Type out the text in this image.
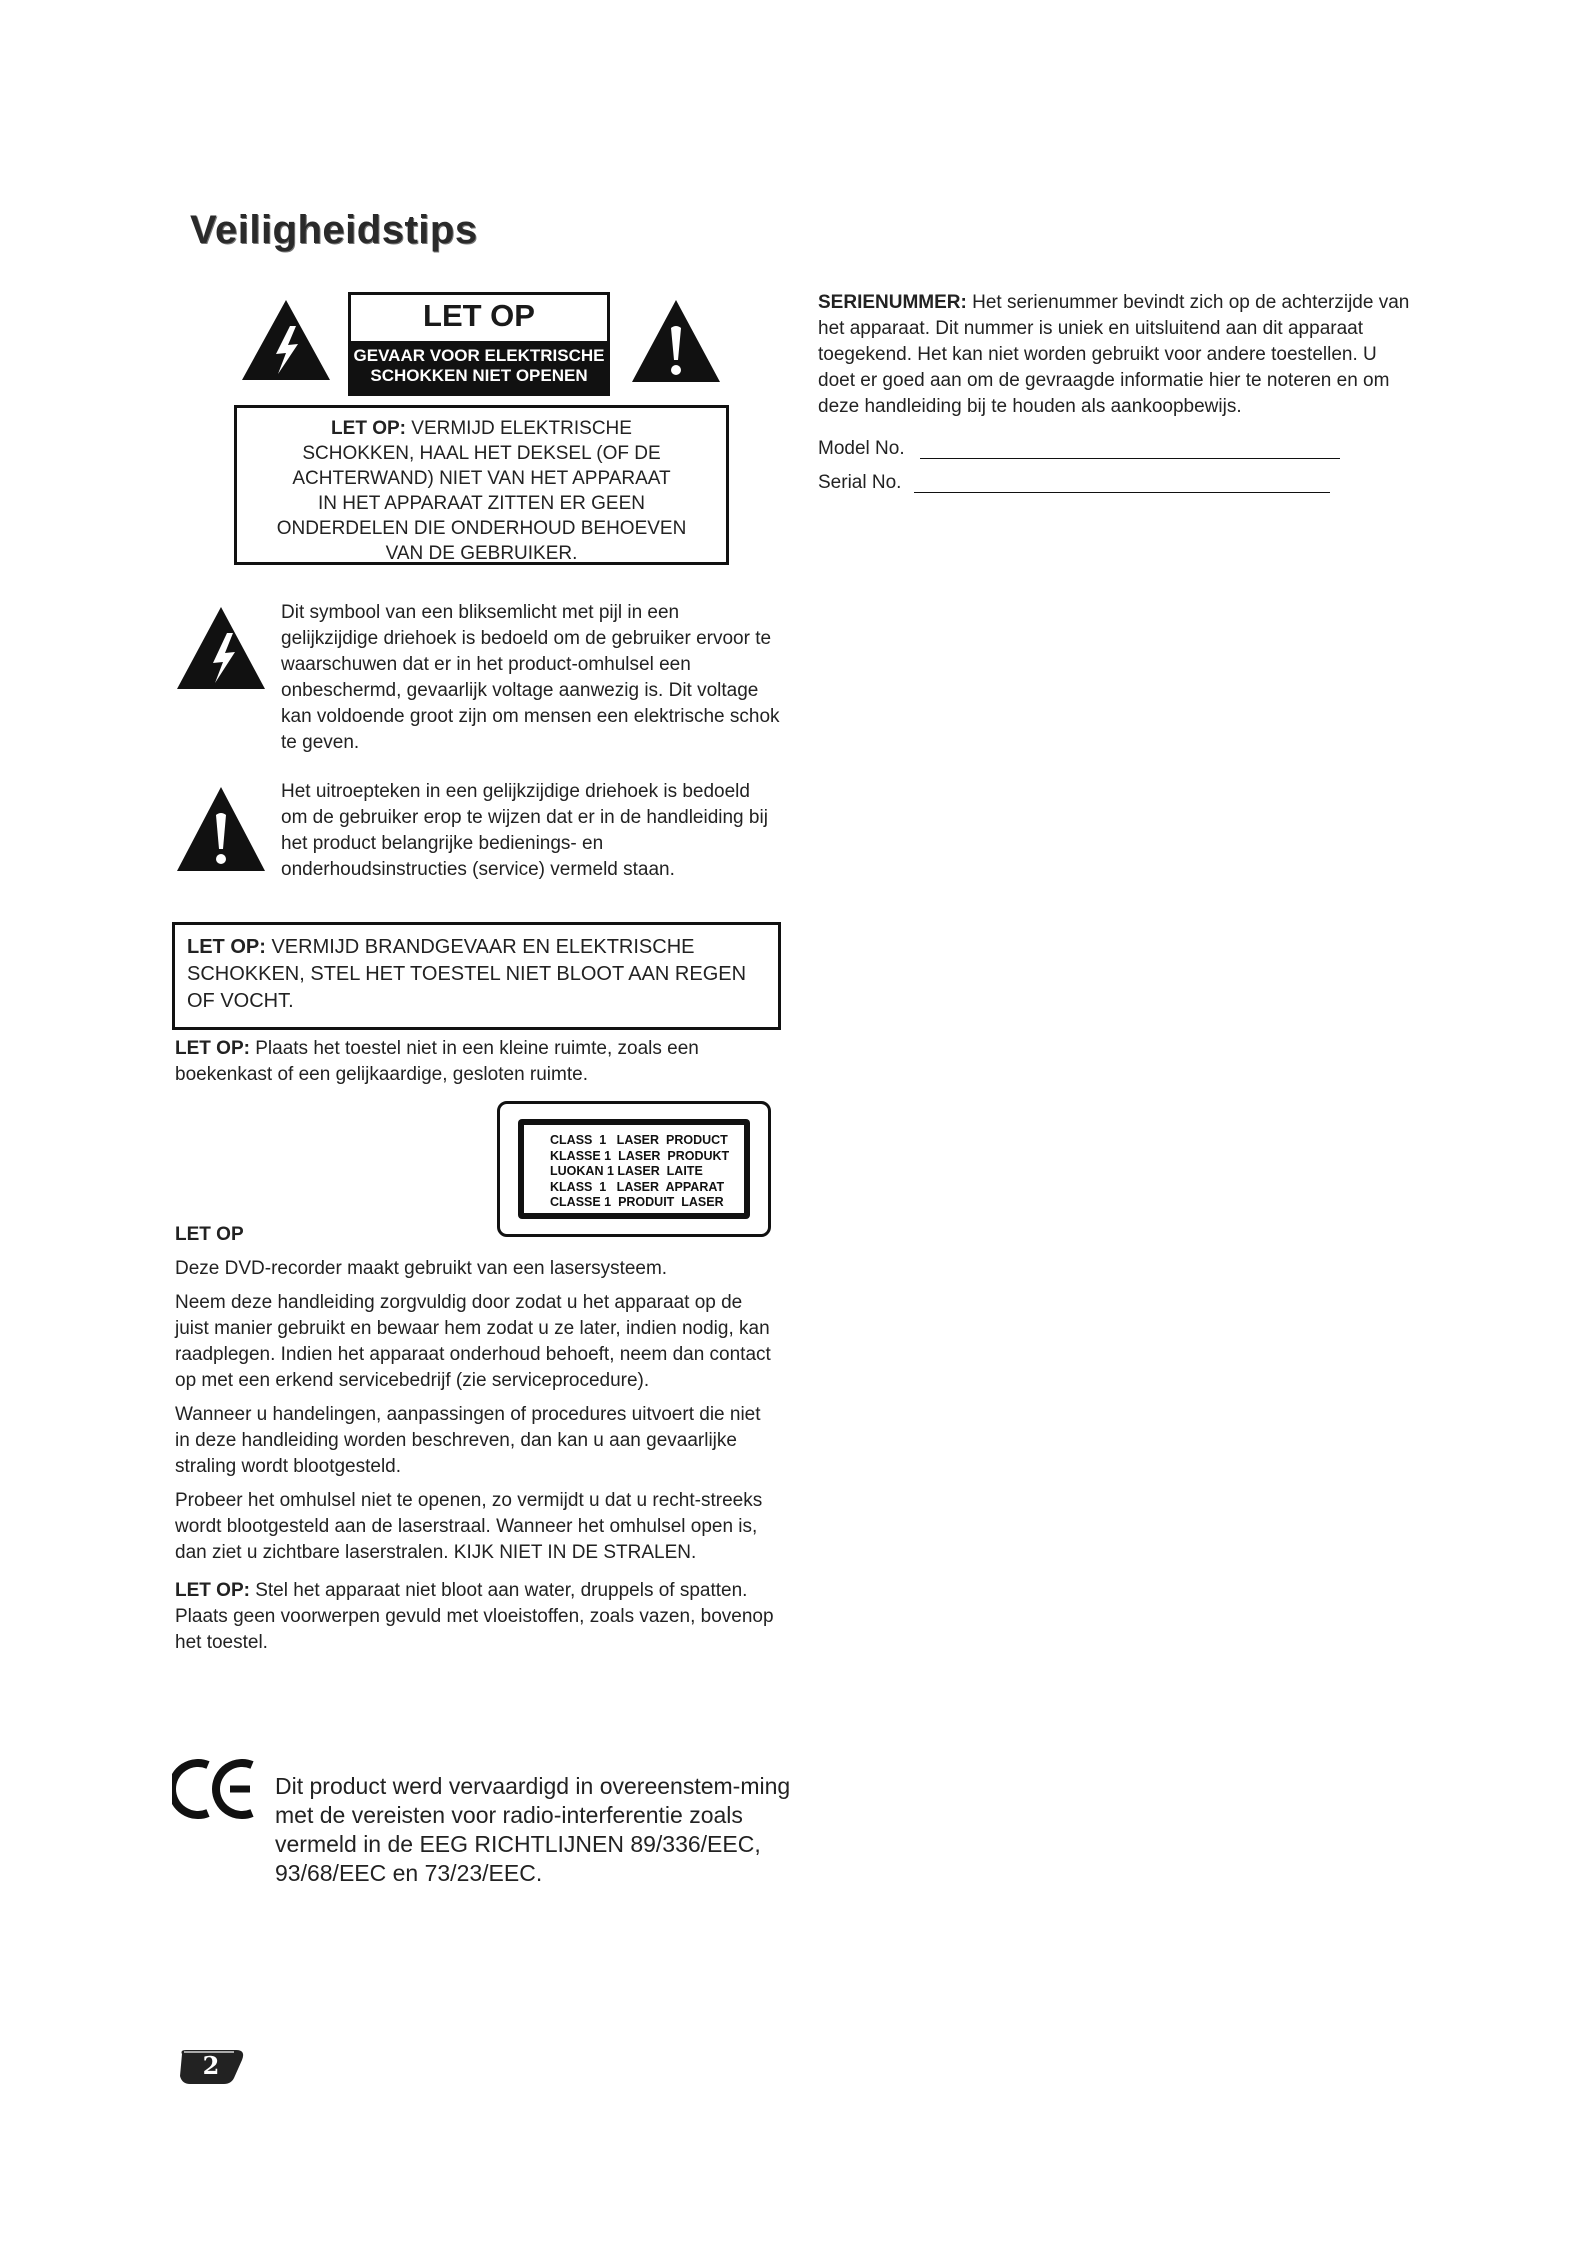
Veiligheidstips
LET OP
GEVAAR VOOR ELEKTRISCHE
SCHOKKEN NIET OPENEN
LET OP: VERMIJD ELEKTRISCHE
SCHOKKEN, HAAL HET DEKSEL (OF DE
ACHTERWAND) NIET VAN HET APPARAAT
IN HET APPARAAT ZITTEN ER GEEN
ONDERDELEN DIE ONDERHOUD BEHOEVEN
VAN DE GEBRUIKER.

Dit symbool van een bliksemlicht met pijl in een gelijkzijdige driehoek is bedoeld om de gebruiker ervoor te waarschuwen dat er in het product-omhulsel een onbeschermd, gevaarlijk voltage aanwezig is. Dit voltage kan voldoende groot zijn om mensen een elektrische schok te geven.

Het uitroepteken in een gelijkzijdige driehoek is bedoeld om de gebruiker erop te wijzen dat er in de handleiding bij het product belangrijke bedienings- en onderhoudsinstructies (service) vermeld staan.

LET OP: VERMIJD BRANDGEVAAR EN ELEKTRISCHE SCHOKKEN, STEL HET TOESTEL NIET BLOOT AAN REGEN OF VOCHT.

LET OP: Plaats het toestel niet in een kleine ruimte, zoals een boekenkast of een gelijkaardige, gesloten ruimte.

CLASS  1   LASER  PRODUCT
KLASSE 1  LASER  PRODUKT
LUOKAN 1 LASER  LAITE
KLASS  1   LASER  APPARAT
CLASSE 1  PRODUIT  LASER

LET OP

Deze DVD-recorder maakt gebruikt van een lasersysteem.

Neem deze handleiding zorgvuldig door zodat u het apparaat op de juist manier gebruikt en bewaar hem zodat u ze later, indien nodig, kan raadplegen. Indien het apparaat onderhoud behoeft, neem dan contact op met een erkend servicebedrijf (zie serviceprocedure).

Wanneer u handelingen, aanpassingen of procedures uitvoert die niet in deze handleiding worden beschreven, dan kan u aan gevaarlijke straling wordt blootgesteld.

Probeer het omhulsel niet te openen, zo vermijdt u dat u recht-streeks wordt blootgesteld aan de laserstraal. Wanneer het omhulsel open is, dan ziet u zichtbare laserstralen. KIJK NIET IN DE STRALEN.

LET OP: Stel het apparaat niet bloot aan water, druppels of spatten. Plaats geen voorwerpen gevuld met vloeistoffen, zoals vazen, bovenop het toestel.

Dit product werd vervaardigd in overeenstem-ming met de vereisten voor radio-interferentie zoals vermeld in de EEG RICHTLIJNEN 89/336/EEC, 93/68/EEC en 73/23/EEC.

SERIENUMMER: Het serienummer bevindt zich op de achterzijde van het apparaat. Dit nummer is uniek en uitsluitend aan dit apparaat toegekend. Het kan niet worden gebruikt voor andere toestellen. U doet er goed aan om de gevraagde informatie hier te noteren en om deze handleiding bij te houden als aankoopbewijs.

Model No.
Serial No.
2
